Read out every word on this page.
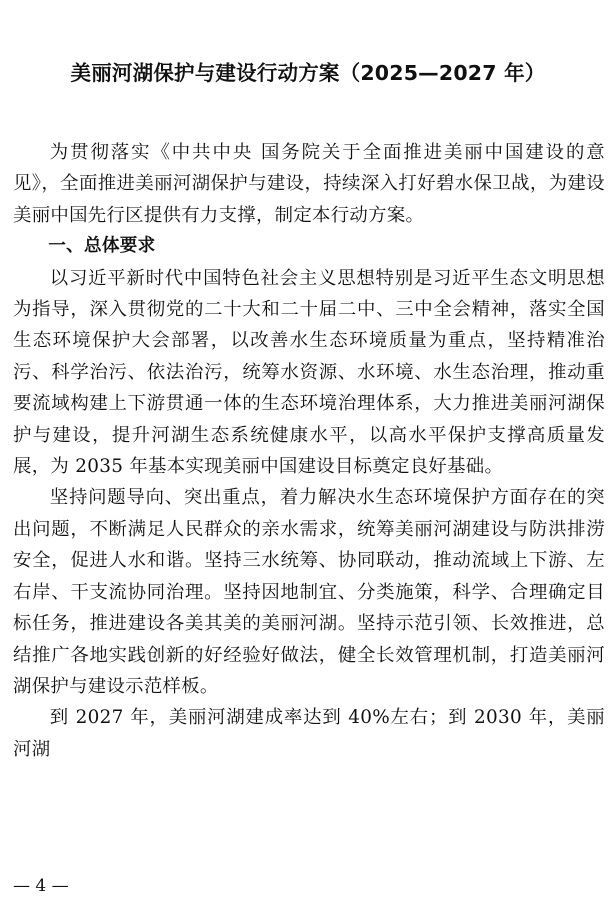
美丽河湖保护与建设行动方案（2025—2027 年）

为贯彻落实《中共中央 国务院关于全面推进美丽中国建设的意见》，全面推进美丽河湖保护与建设，持续深入打好碧水保卫战，为建设美丽中国先行区提供有力支撑，制定本行动方案。

一、总体要求

以习近平新时代中国特色社会主义思想特别是习近平生态文明思想为指导，深入贯彻党的二十大和二十届二中、三中全会精神，落实全国生态环境保护大会部署，以改善水生态环境质量为重点，坚持精准治污、科学治污、依法治污，统筹水资源、水环境、水生态治理，推动重要流域构建上下游贯通一体的生态环境治理体系，大力推进美丽河湖保护与建设，提升河湖生态系统健康水平，以高水平保护支撑高质量发展，为 2035 年基本实现美丽中国建设目标奠定良好基础。

坚持问题导向、突出重点，着力解决水生态环境保护方面存在的突出问题，不断满足人民群众的亲水需求，统筹美丽河湖建设与防洪排涝安全，促进人水和谐。坚持三水统筹、协同联动，推动流域上下游、左右岸、干支流协同治理。坚持因地制宜、分类施策，科学、合理确定目标任务，推进建设各美其美的美丽河湖。坚持示范引领、长效推进，总结推广各地实践创新的好经验好做法，健全长效管理机制，打造美丽河湖保护与建设示范样板。

到 2027 年，美丽河湖建成率达到 40%左右；到 2030 年，美丽河湖

— 4 —
